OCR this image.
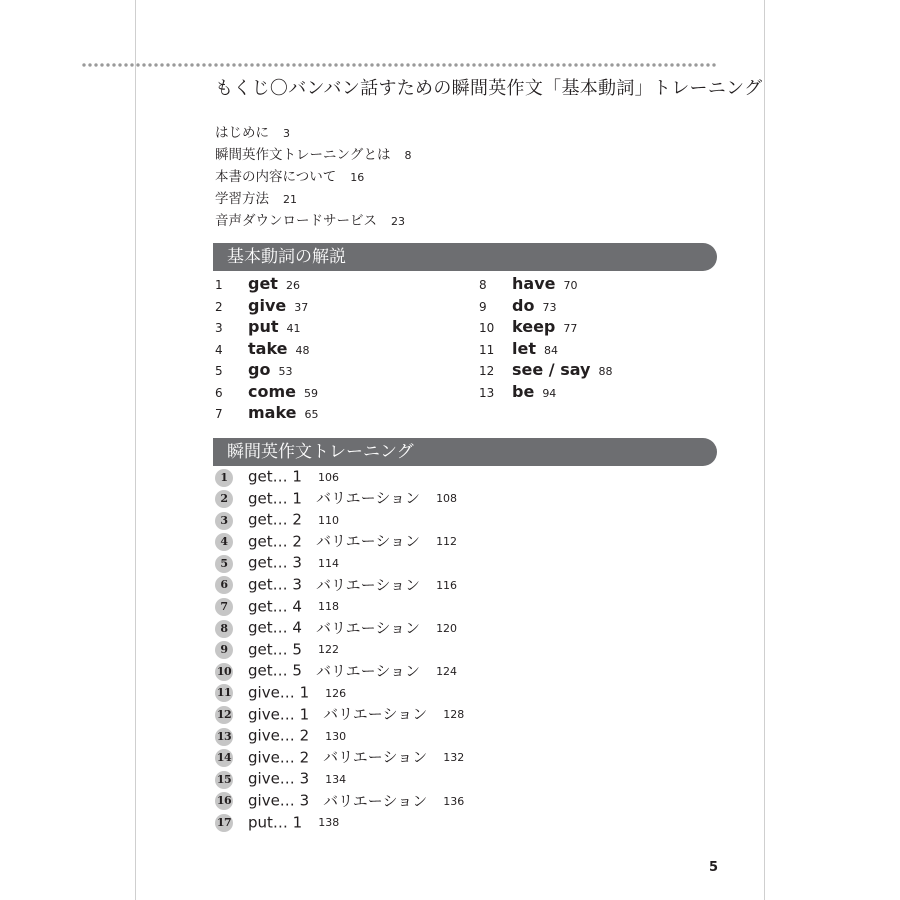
もくじ〇バンバン話すための瞬間英作文「基本動詞」トレーニング
はじめに 3
瞬間英作文トレーニングとは 8
本書の内容について 16
学習方法 21
音声ダウンロードサービス 23
基本動詞の解説
1 get 26
2 give 37
3 put 41
4 take 48
5 go 53
6 come 59
7 make 65
8 have 70
9 do 73
10 keep 77
11 let 84
12 see / say 88
13 be 94
瞬間英作文トレーニング
1 get… 1 106
2 get… 1 バリエーション 108
3 get… 2 110
4 get… 2 バリエーション 112
5 get… 3 114
6 get… 3 バリエーション 116
7 get… 4 118
8 get… 4 バリエーション 120
9 get… 5 122
10 get… 5 バリエーション 124
11 give… 1 126
12 give… 1 バリエーション 128
13 give… 2 130
14 give… 2 バリエーション 132
15 give… 3 134
16 give… 3 バリエーション 136
17 put… 1 138
5
